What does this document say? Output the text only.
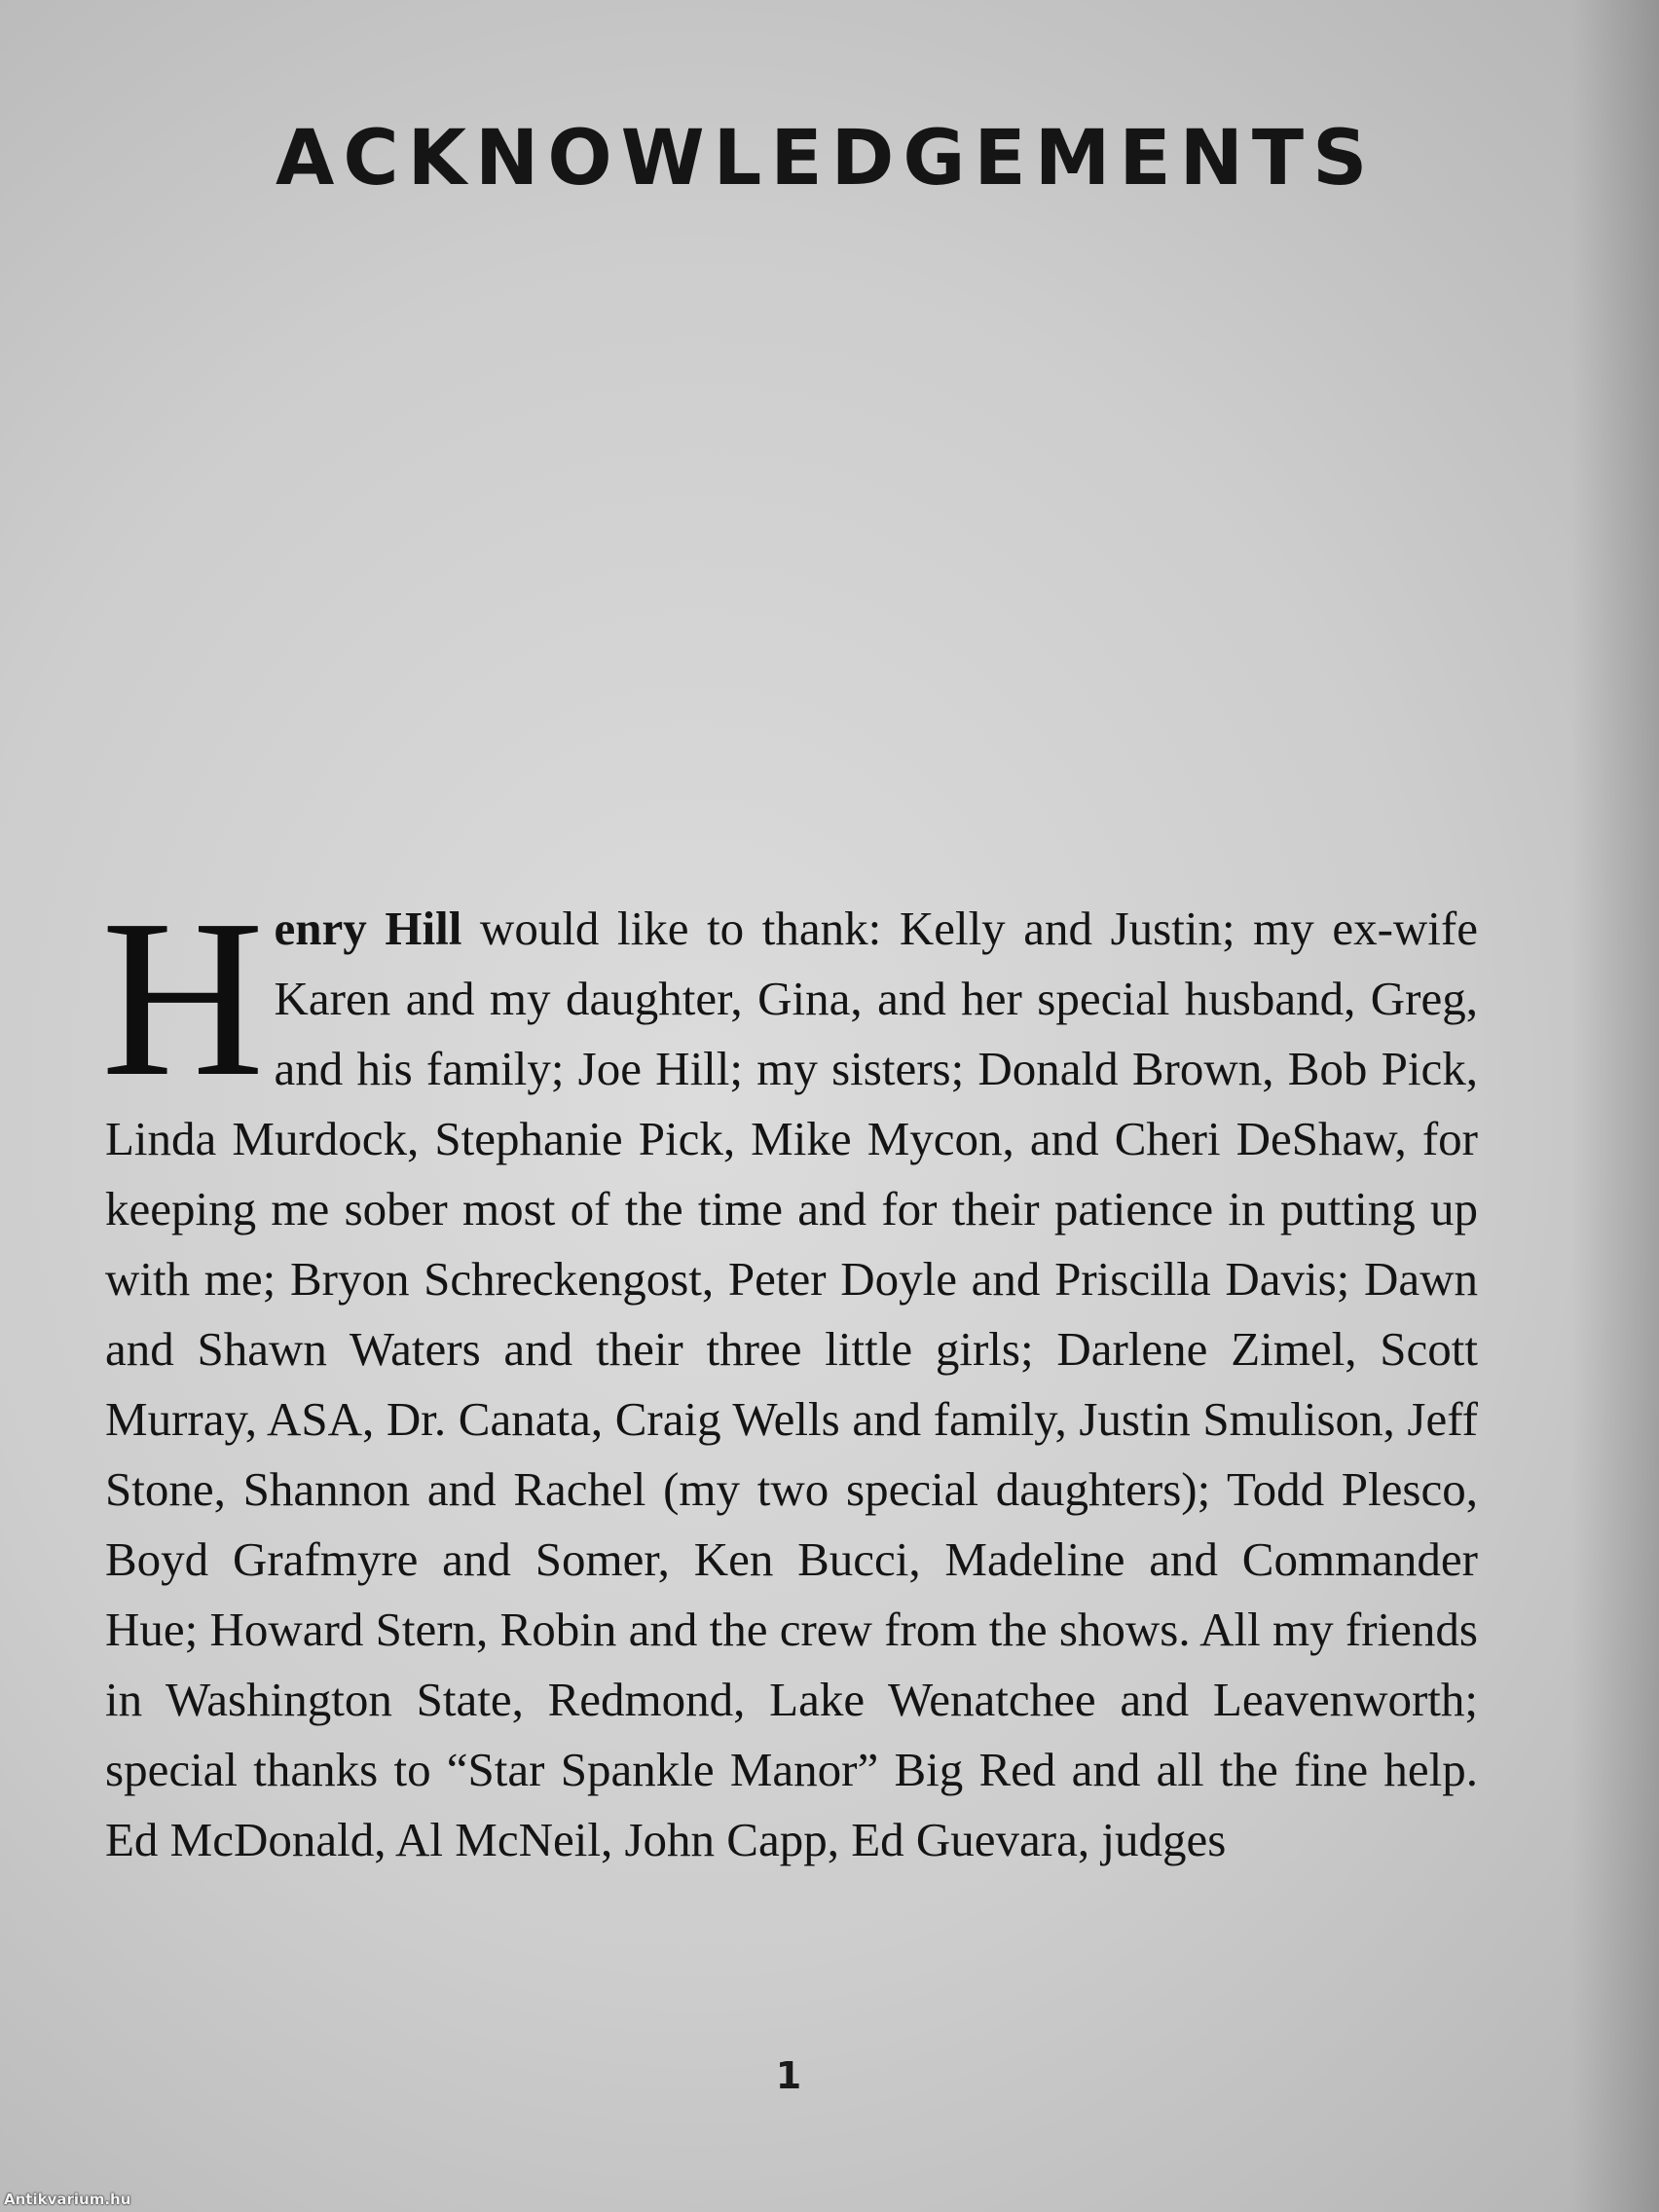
ACKNOWLEDGEMENTS

Henry Hill would like to thank: Kelly and Justin; my ex-wife Karen and my daughter, Gina, and her special husband, Greg, and his family; Joe Hill; my sisters; Donald Brown, Bob Pick, Linda Murdock, Stephanie Pick, Mike Mycon, and Cheri DeShaw, for keeping me sober most of the time and for their patience in putting up with me; Bryon Schreckengost, Peter Doyle and Priscilla Davis; Dawn and Shawn Waters and their three little girls; Darlene Zimel, Scott Murray, ASA, Dr. Canata, Craig Wells and family, Justin Smulison, Jeff Stone, Shannon and Rachel (my two special daughters); Todd Plesco, Boyd Grafmyre and Somer, Ken Bucci, Madeline and Commander Hue; Howard Stern, Robin and the crew from the shows. All my friends in Washington State, Redmond, Lake Wenatchee and Leavenworth; special thanks to “Star Spankle Manor” Big Red and all the fine help. Ed McDonald, Al McNeil, John Capp, Ed Guevara, judges

1
Antikvarium.hu
